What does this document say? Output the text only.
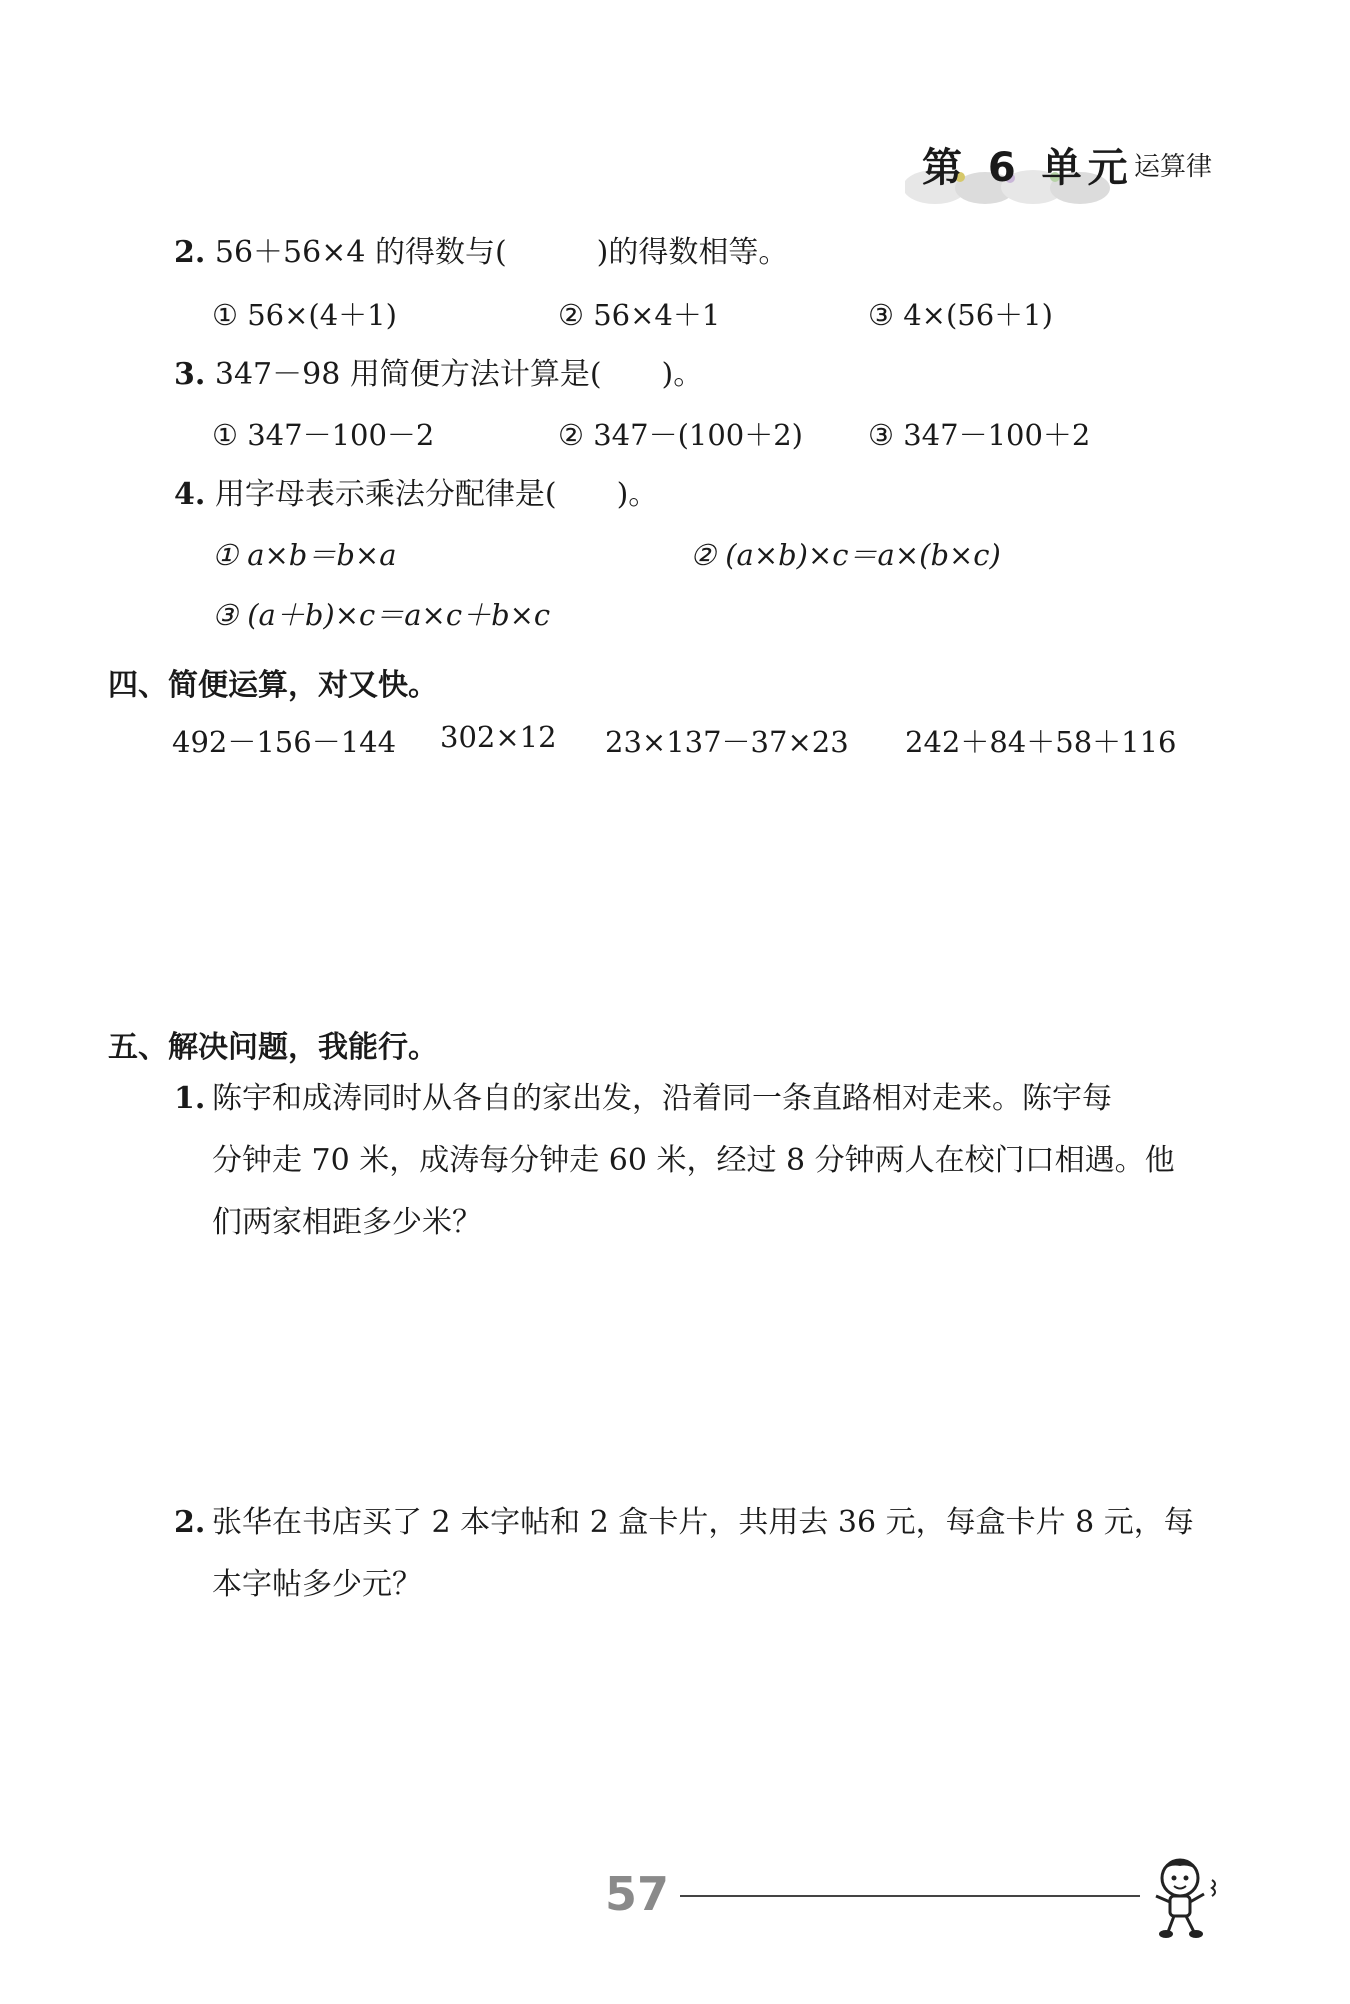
第 6 单元 运算律
2. 56＋56×4 的得数与(　　　)的得数相等。
① 56×(4＋1)	② 56×4＋1	③ 4×(56＋1)
3. 347－98 用简便方法计算是(　　)。
① 347－100－2	② 347－(100＋2) ③ 347－100＋2
4. 用字母表示乘法分配律是(　　)。
① a×b＝b×a	② (a×b)×c＝a×(b×c)
③ (a＋b)×c＝a×c＋b×c
四、简便运算，对又快。
492－156－144 302×12 23×137－37×23 242＋84＋58＋116
五、解决问题，我能行。
1. 陈宇和成涛同时从各自的家出发，沿着同一条直路相对走来。陈宇每
分钟走 70 米，成涛每分钟走 60 米，经过 8 分钟两人在校门口相遇。他
们两家相距多少米？
2. 张华在书店买了 2 本字帖和 2 盒卡片，共用去 36 元，每盒卡片 8 元，每
本字帖多少元？
57
